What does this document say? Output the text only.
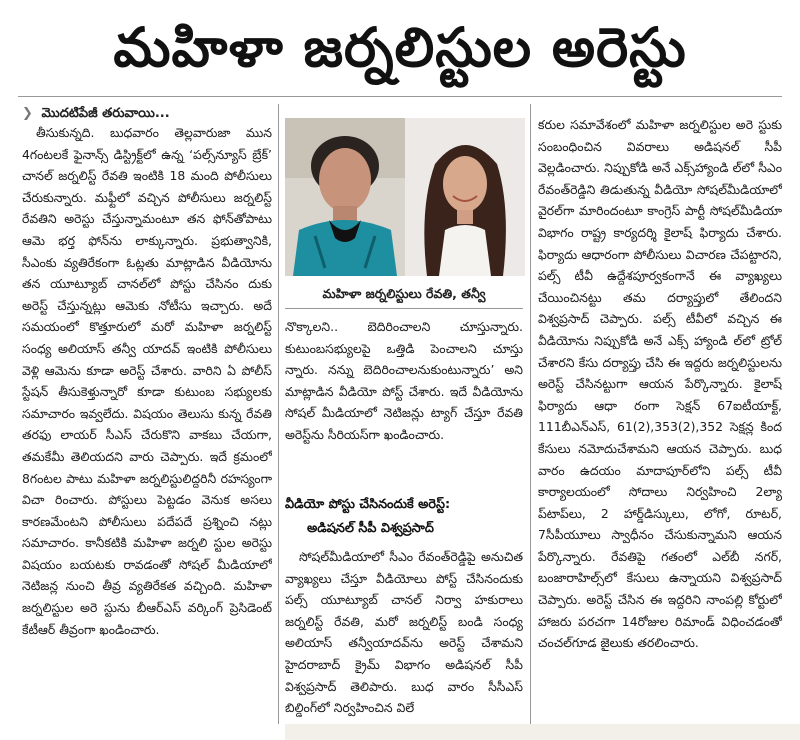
మహిళా జర్నలిస్టుల అరెస్టు
❯ మొదటిపేజీ తరువాయి...

తీసుకున్నది. బుధవారం తెల్లవారుజా మున 4గంటలకే ఫైనాన్స్‌ డిస్ట్రిక్ట్‌లో ఉన్న ‘పల్స్‌న్యూస్‌ బ్రేక్‌’ చానల్‌ జర్నలిస్ట్‌ రేవతి ఇంటికి 18 మంది పోలీసులు చేరుకున్నారు. మఫ్టీలో వచ్చిన పోలీసులు జర్నలిస్ట్‌ రేవతిని అరెస్టు చేస్తున్నామంటూ తన ఫోన్‌తోపాటు ఆమె భర్త ఫోన్‌ను లాక్కున్నారు. ప్రభుత్వానికి, సీఎంకు వ్యతిరేకంగా ఓట్లతు మాట్లాడిన వీడియోను తన యూట్యూబ్‌ చానల్‌లో పోస్టు చేసినం దుకు అరెస్ట్‌ చేస్తున్నట్లు ఆమెకు నోటీసు ఇచ్చారు. అదే సమయంలో కొత్తూరులో మరో మహిళా జర్నలిస్ట్‌ సంధ్య అలియాస్‌ తన్వీ యాదవ్‌ ఇంటికి పోలీసులు వెళ్లి ఆమెను కూడా అరెస్ట్‌ చేశారు. వారిని ఏ పోలీస్‌ స్టేషన్‌ తీసుకెళ్తున్నారో కూడా కుటుంబ సభ్యులకు సమాచారం ఇవ్వలేదు. విషయం తెలుసు కున్న రేవతి తరఫు లాయర్‌ సీఎస్‌ చేరుకొని వాకబు చేయగా, తమకేమీ తెలియదని వారు చెప్పారు. ఇదే క్రమంలో 8గంటల పాటు మహిళా జర్నలిస్టులిద్దరినీ రహస్యంగా విచా రించారు. పోస్టులు పెట్టడం వెనుక అసలు కారణమేంటని పోలీసులు పదేపదే ప్రశ్నించి నట్లు సమాచారం. కానీకటికి మహిళా జర్నలి స్టుల అరెస్టు విషయం బయటకు రావడంతో సోషల్‌ మీడియాలో నెటిజన్ల నుంచి తీవ్ర వ్యతిరేకత వచ్చింది. మహిళా జర్నలిస్టుల అరె స్టును బీఆర్‌ఎస్‌ వర్కింగ్‌ ప్రెసిడెంట్‌ కేటీఆర్‌ తీవ్రంగా ఖండించారు.

మహిళా జర్నలిస్టులు రేవతి, తన్వీ

నొక్కాలని.. బెదిరించాలని చూస్తున్నారు. కుటుంబసభ్యులపై ఒత్తిడి పెంచాలని చూస్తు న్నారు. నన్ను బెదిరించాలనుకుంటున్నారు’ అని మాట్లాడిన వీడియో పోస్ట్‌ చేశారు. ఇదే వీడియోను సోషల్‌ మీడియాలో నెటిజన్లు ట్యాగ్‌ చేస్తూ రేవతి అరెస్ట్‌ను సీరియస్‌గా ఖండించారు.

వీడియో పోస్టు చేసినందుకే అరెస్ట్‌:
అడిషనల్‌ సీపీ విశ్వప్రసాద్‌

సోషల్‌మీడియాలో సీఎం రేవంత్‌రెడ్డిపై అనుచిత వ్యాఖ్యలు చేస్తూ వీడియోలు పోస్ట్‌ చేసినందుకు పల్స్‌ యూట్యూబ్‌ చానల్‌ నిర్వా హకురాలు జర్నలిస్ట్‌ రేవతి, మరో జర్నలిస్ట్‌ బండి సంధ్య అలియాస్‌ తన్వీయాదవ్‌ను అరెస్ట్‌ చేశామని హైదరాబాద్‌ క్రైమ్‌ విభాగం అడిషనల్‌ సీపీ విశ్వప్రసాద్‌ తెలిపారు. బుధ వారం సీసీఎస్‌ బిల్డింగ్‌లో నిర్వహించిన విలే

కరుల సమావేశంలో మహిళా జర్నలిస్టుల అరె స్టుకు సంబంధించిన వివరాలు అడిషనల్‌ సీపీ వెల్లడించారు. నిప్పుకోడి అనే ఎక్స్‌హ్యాండి ల్‌లో సీఎం రేవంత్‌రెడ్డిని తిడుతున్న వీడియో సోషల్‌మీడియాలో వైరల్‌గా మారిందంటూ కాంగ్రెస్‌ పార్టీ సోషల్‌మీడియా విభాగం రాష్ట్ర కార్యదర్శి కైలాష్‌ ఫిర్యాదు చేశారు. ఫిర్యాదు ఆధారంగా పోలీసులు విచారణ చేపట్టారని, పల్స్‌ టీవీ ఉద్దేశపూర్వకంగానే ఈ వ్యాఖ్యలు చేయించినట్టు తమ దర్యాప్తులో తేలిందని విశ్వప్రసాద్‌ చెప్పారు. పల్స్‌ టీవీలో వచ్చిన ఈ వీడియోను నిప్పుకోడి అనే ఎక్స్‌ హ్యాండి ల్‌లో ట్రోల్‌ చేశారని కేసు దర్యాప్తు చేసి ఈ ఇద్దరు జర్నలిస్టులను అరెస్ట్‌ చేసినట్టుగా ఆయన పేర్కొన్నారు. కైలాష్‌ ఫిర్యాదు ఆధా రంగా సెక్షన్‌ 67ఐటీయాక్ట్‌, 111బీఎన్‌ఎస్‌, 61(2),353(2),352 సెక్షన్ల కింద కేసులు నమోదుచేశామని ఆయన చెప్పారు. బుధ వారం ఉదయం మాదాపూర్‌లోని పల్స్‌ టీవీ కార్యాలయంలో సోదాలు నిర్వహించి 2ల్యా ప్‌టాప్‌లు, 2 హార్డ్‌డిస్కులు, లోగో, రూటర్‌, 7సీపీయూలు స్వాధీనం చేసుకున్నామని ఆయన పేర్కొన్నారు. రేవతిపై గతంలో ఎల్‌బీ నగర్‌, బంజారాహిల్స్‌లో కేసులు ఉన్నాయని విశ్వప్రసాద్‌ చెప్పారు. అరెస్ట్‌ చేసిన ఈ ఇద్దరిని నాంపల్లి కోర్టులో హాజరు పరచగా 14రోజుల రిమాండ్‌ విధించడంతో చంచల్‌గూడ జైలుకు తరలించారు.
